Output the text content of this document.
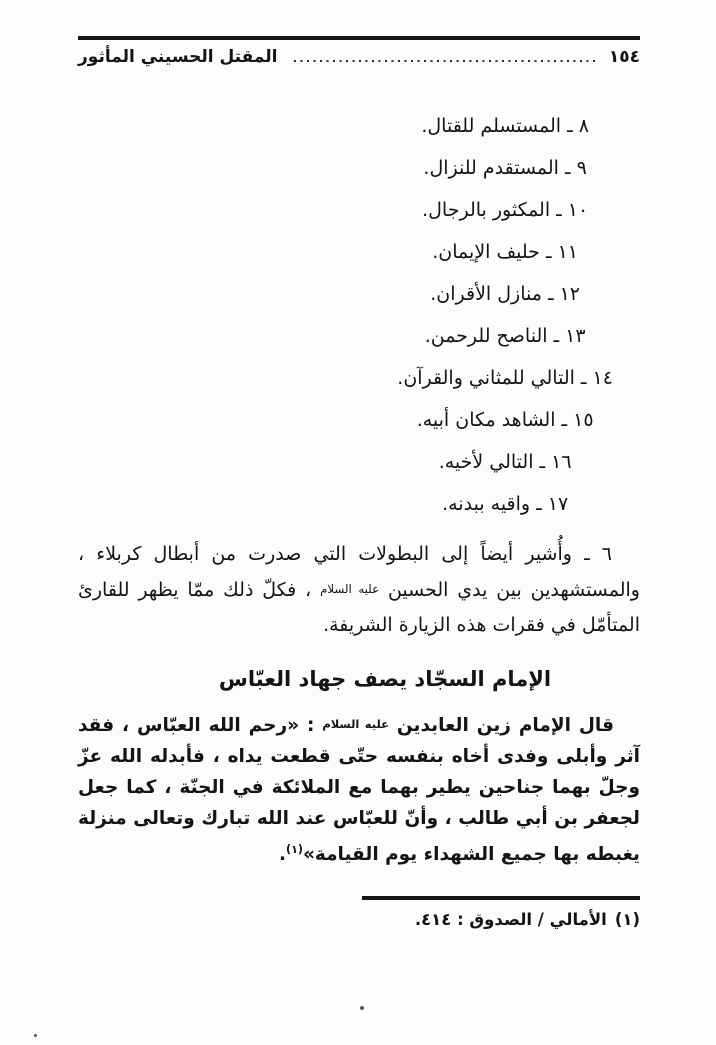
١٥٤
المقتل الحسيني المأثور
٨ ـ المستسلم للقتال.
٩ ـ المستقدم للنزال.
١٠ ـ المكثور بالرجال.
١١ ـ حليف الإيمان.
١٢ ـ منازل الأقران.
١٣ ـ الناصح للرحمن.
١٤ ـ التالي للمثاني والقرآن.
١٥ ـ الشاهد مكان أبيه.
١٦ ـ التالي لأخيه.
١٧ ـ واقيه ببدنه.

٦ ـ وأُشير أيضاً إلى البطولات التي صدرت من أبطال كربلاء ، والمستشهدين بين يدي الحسين عليه السلام ، فكلّ ذلك ممّا يظهر للقارئ المتأمّل في فقرات هذه الزيارة الشريفة.

الإمام السجّاد يصف جهاد العبّاس

قال الإمام زين العابدين عليه السلام : «رحم الله العبّاس ، فقد آثر وأبلى وفدى أخاه بنفسه حتّى قطعت يداه ، فأبدله الله عزّ وجلّ بهما جناحين يطير بهما مع الملائكة في الجنّة ، كما جعل لجعفر بن أبي طالب ، وأنّ للعبّاس عند الله تبارك وتعالى منزلة يغبطه بها جميع الشهداء يوم القيامة»$^{(١)}$.

(١)الأمالي / الصدوق : ٤١٤.
